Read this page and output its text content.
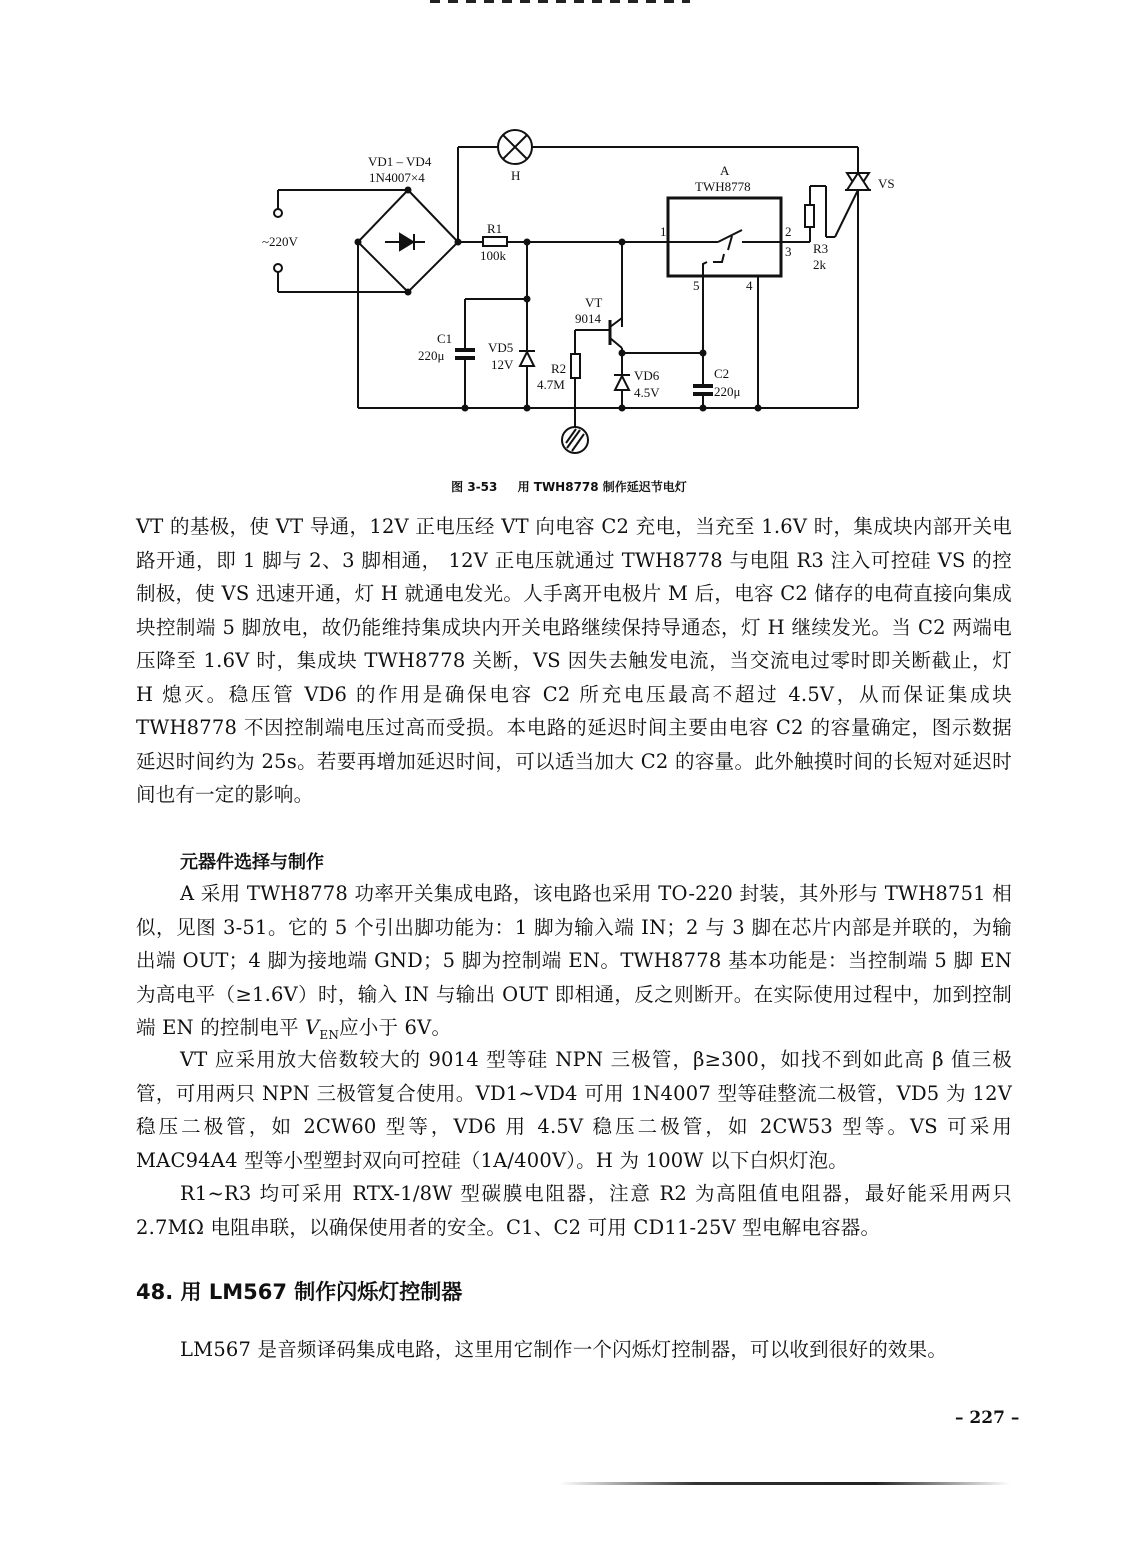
VD1 – VD4
1N4007×4
~220V
H
R1
100k
A
TWH8778
1	2
3
5	4
R3
2k
VS
VT
9014
C1
220μ
VD5
12V	R2
4.7M
VD6
4.5V
C2
220μ
图 3-53 用 TWH8778 制作延迟节电灯

VT 的基极，使 VT 导通，12V 正电压经 VT 向电容 C2 充电，当充至 1.6V 时，集成块内部开关电路开通，即 1 脚与 2、3 脚相通， 12V 正电压就通过 TWH8778 与电阻 R3 注入可控硅 VS 的控制极，使 VS 迅速开通，灯 H 就通电发光。人手离开电极片 M 后，电容 C2 储存的电荷直接向集成块控制端 5 脚放电，故仍能维持集成块内开关电路继续保持导通态，灯 H 继续发光。当 C2 两端电压降至 1.6V 时，集成块 TWH8778 关断，VS 因失去触发电流，当交流电过零时即关断截止，灯 H 熄灭。稳压管 VD6 的作用是确保电容 C2 所充电压最高不超过 4.5V，从而保证集成块 TWH8778 不因控制端电压过高而受损。本电路的延迟时间主要由电容 C2 的容量确定，图示数据延迟时间约为 25s。若要再增加延迟时间，可以适当加大 C2 的容量。此外触摸时间的长短对延迟时间也有一定的影响。

元器件选择与制作

A 采用 TWH8778 功率开关集成电路，该电路也采用 TO-220 封装，其外形与 TWH8751 相似，见图 3-51。它的 5 个引出脚功能为：1 脚为输入端 IN；2 与 3 脚在芯片内部是并联的，为输出端 OUT；4 脚为接地端 GND；5 脚为控制端 EN。TWH8778 基本功能是：当控制端 5 脚 EN 为高电平（≥1.6V）时，输入 IN 与输出 OUT 即相通，反之则断开。在实际使用过程中，加到控制端 EN 的控制电平 $V_{EN}$应小于 6V。

VT 应采用放大倍数较大的 9014 型等硅 NPN 三极管，β≥300，如找不到如此高 β 值三极管，可用两只 NPN 三极管复合使用。VD1~VD4 可用 1N4007 型等硅整流二极管，VD5 为 12V 稳压二极管，如 2CW60 型等，VD6 用 4.5V 稳压二极管，如 2CW53 型等。VS 可采用 MAC94A4 型等小型塑封双向可控硅（1A/400V）。H 为 100W 以下白炽灯泡。

R1~R3 均可采用 RTX-1/8W 型碳膜电阻器，注意 R2 为高阻值电阻器，最好能采用两只 2.7MΩ 电阻串联，以确保使用者的安全。C1、C2 可用 CD11-25V 型电解电容器。

48. 用 LM567 制作闪烁灯控制器

LM567 是音频译码集成电路，这里用它制作一个闪烁灯控制器，可以收到很好的效果。

– 227 –
